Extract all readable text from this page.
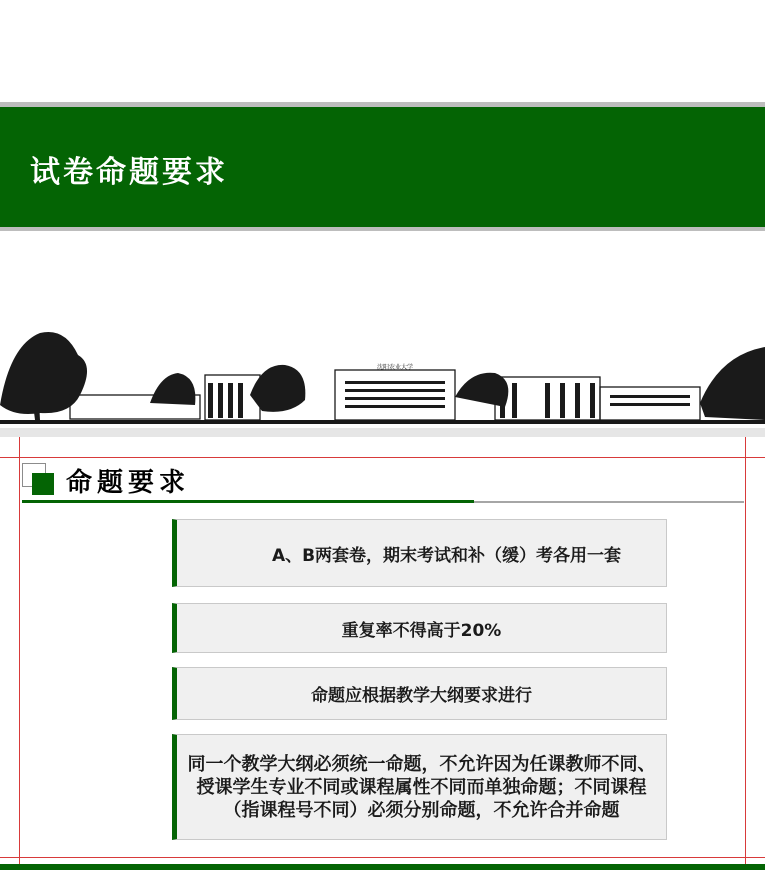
试卷命题要求
沈阳农业大学
命题要求
A、B两套卷，期末考试和补（缓）考各用一套
重复率不得高于20%
命题应根据教学大纲要求进行
同一个教学大纲必须统一命题，不允许因为任课教师不同、授课学生专业不同或课程属性不同而单独命题；不同课程（指课程号不同）必须分别命题，不允许合并命题
